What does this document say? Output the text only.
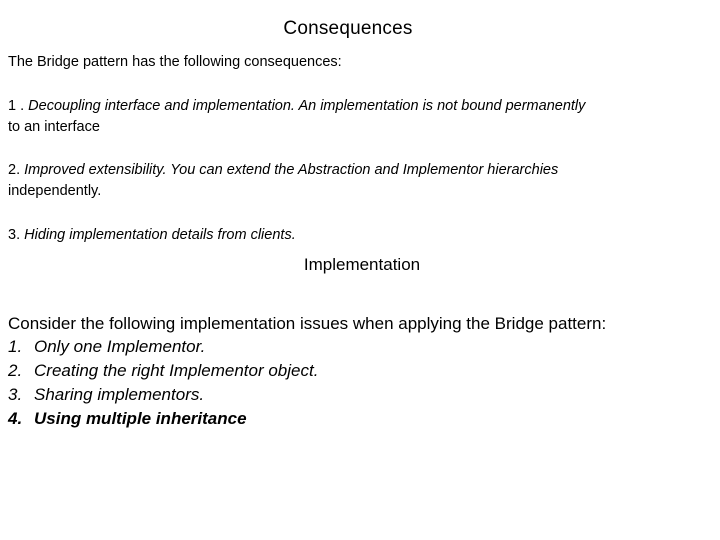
Consequences

The Bridge pattern has the following consequences:

1 . Decoupling interface and implementation. An implementation is not bound permanently
to an interface

2. Improved extensibility. You can extend the Abstraction and Implementor hierarchies
independently.

3. Hiding implementation details from clients.

Implementation

Consider the following implementation issues when applying the Bridge pattern:

1. Only one Implementor.
2. Creating the right Implementor object.
3. Sharing implementors.
4. Using multiple inheritance
